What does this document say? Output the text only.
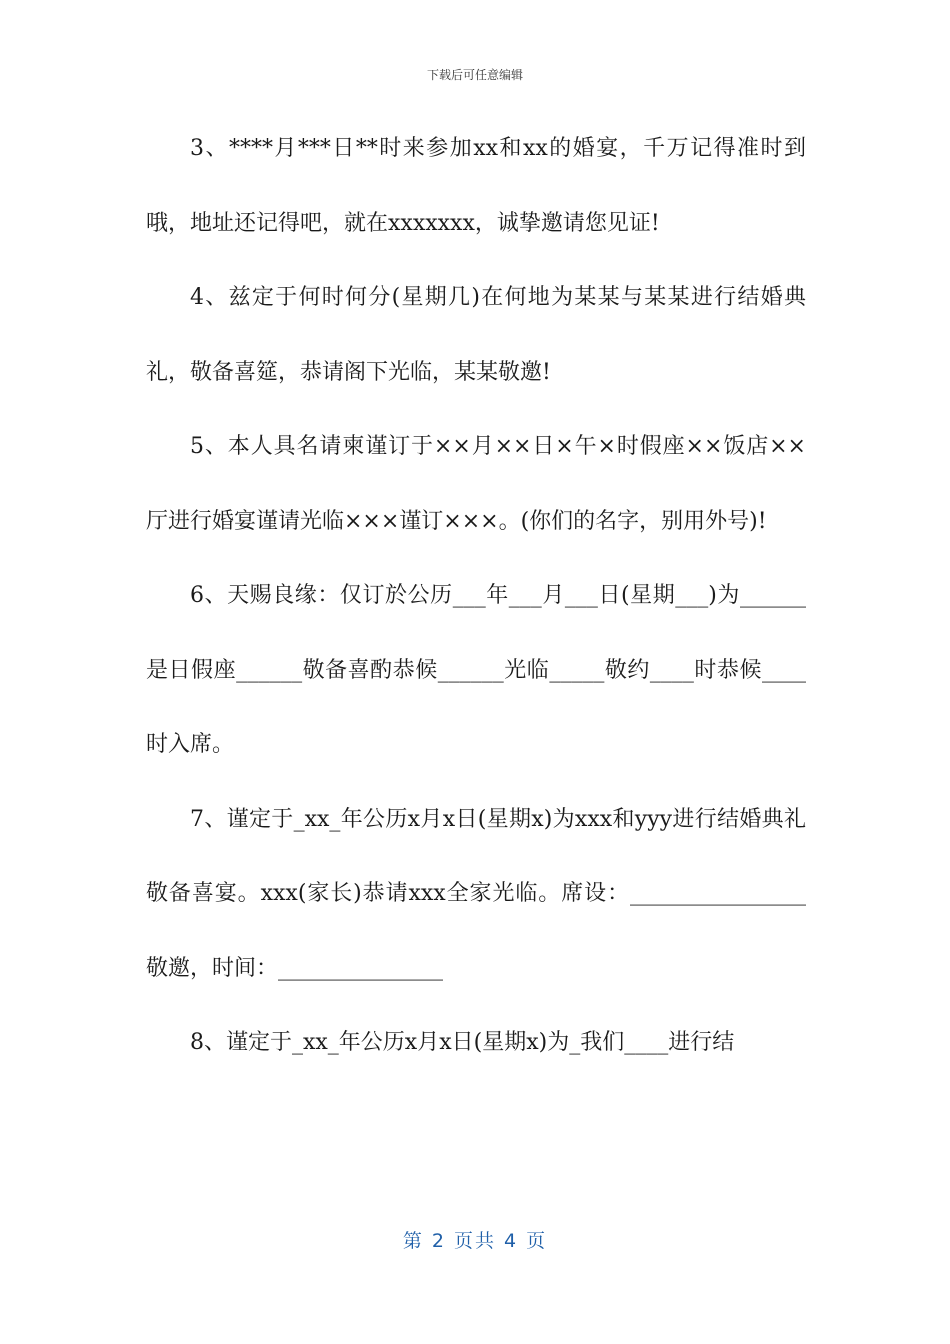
下载后可任意编辑

3、****月***日**时来参加xx和xx的婚宴，千万记得准时到哦，地址还记得吧，就在xxxxxxx，诚挚邀请您见证!

4、兹定于何时何分(星期几)在何地为某某与某某进行结婚典礼，敬备喜筵，恭请阁下光临，某某敬邀!

5、本人具名请柬谨订于××月××日×午×时假座××饭店××厅进行婚宴谨请光临×××谨订×××。(你们的名字，别用外号)!

6、天赐良缘：仅订於公历___年___月___日(星期___)为______是日假座______敬备喜酌恭候______光临_____敬约____时恭候____时入席。

7、谨定于_xx_年公历x月x日(星期x)为xxx和yyy进行结婚典礼敬备喜宴。xxx(家长)恭请xxx全家光临。席设：________________敬邀，时间：_______________

8、谨定于_xx_年公历x月x日(星期x)为_我们____进行结

第 2 页共 4 页
